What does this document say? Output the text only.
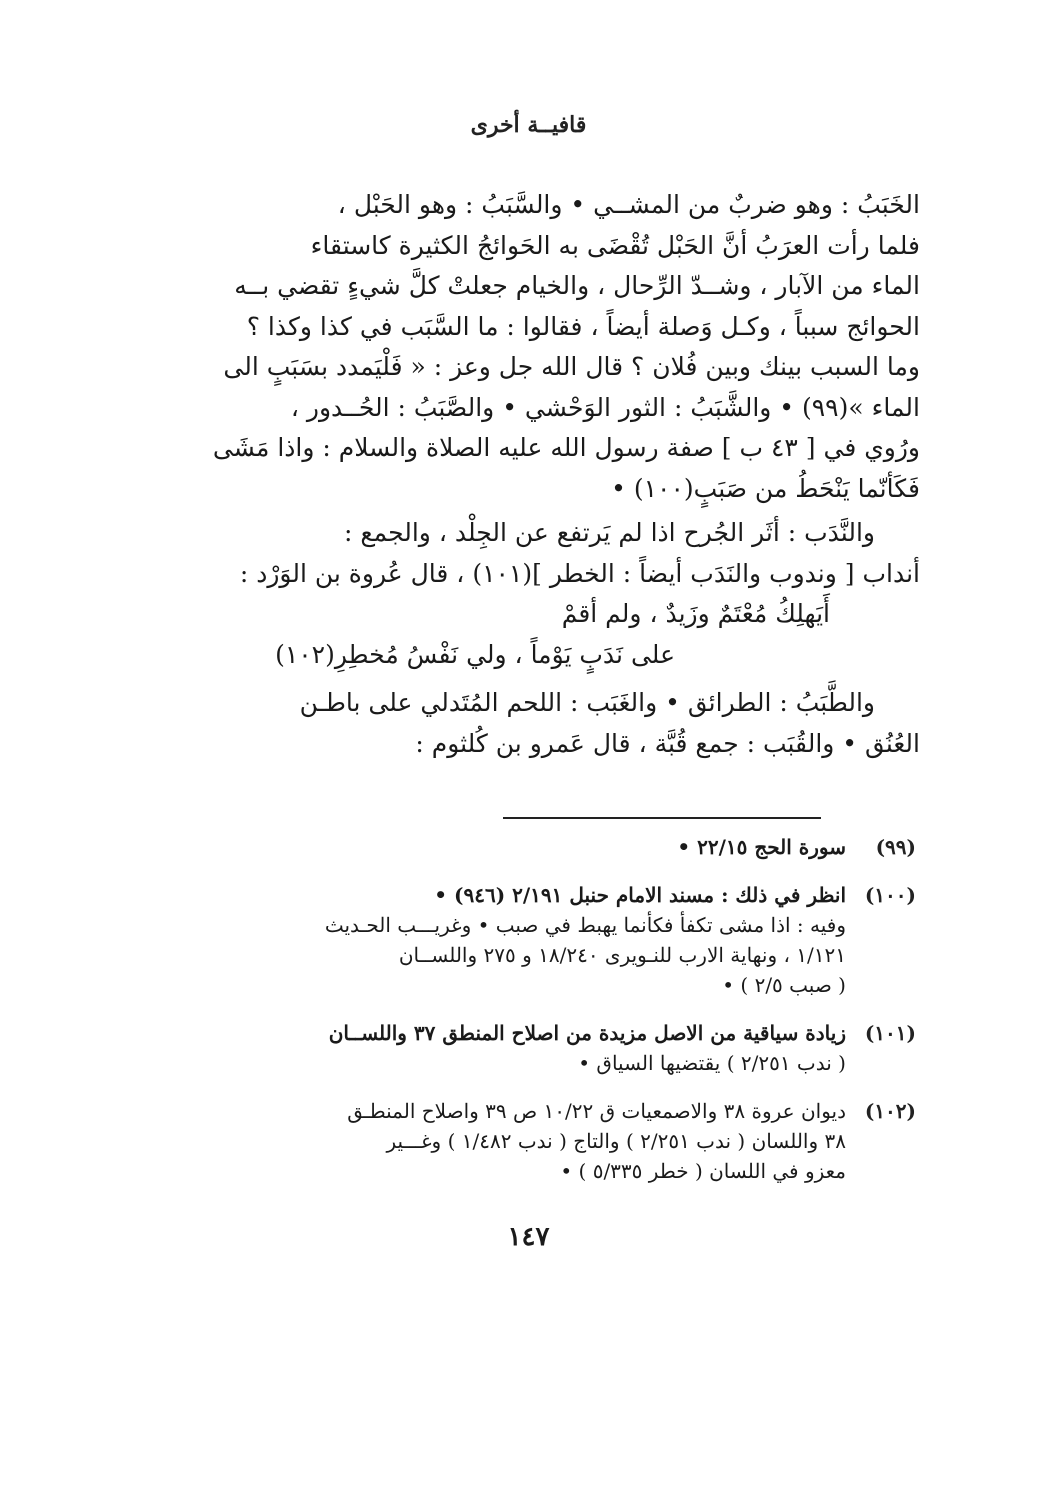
قافيــة أخرى

الخَبَبُ : وهو ضربٌ من المشــي • والسَّبَبُ : وهو الحَبْل ،

فلما رأت العرَبُ أنَّ الحَبْل تُقْضَى به الحَوائجُ الكثيرة كاستقاء

الماء من الآبار ، وشــدّ الرِّحال ، والخيام جعلتْ كلَّ شيءٍ تقضي بــه

الحوائج سبباً ، وكـل وَصلة أيضاً ، فقالوا : ما السَّبَب في كذا وكذا ؟

وما السبب بينك وبين فُلان ؟ قال الله جل وعز : « فَلْيَمدد بسَبَبٍ الى

الماء »(٩٩) • والشَّبَبُ : الثور الوَحْشي • والصَّبَبُ : الحُــدور ،

ورُوي في [ ٤٣ ب ] صفة رسول الله عليه الصلاة والسلام : واذا مَشَى

فَكَأنّما يَنْحَطُ من صَبَبٍ(١٠٠) •

والنَّدَب : أثَر الجُرح اذا لم يَرتفع عن الجِلْد ، والجمع :

أنداب [ وندوب والنَدَب أيضاً : الخطر ](١٠١) ، قال عُروة بن الوَرْد :

أَيَهلِكُ مُعْتَمٌ وزَيدٌ ، ولم أقمْ
على نَدَبٍ يَوْماً ، ولي نَفْسُ مُخطِرِ(١٠٢)

والطَّبَبُ : الطرائق • والغَبَب : اللحم المُتَدلي على باطـن

العُنُق • والقُبَب : جمع قُبَّة ، قال عَمرو بن كُلثوم :

(٩٩)
سورة الحج ٢٢/١٥ •
(١٠٠)
انظر في ذلك : مسند الامام حنبل ٢/١٩١ (٩٤٦) •
وفيه : اذا مشى تكفأ فكأنما يهبط في صبب • وغريـــب الحـديث
١/١٢١ ، ونهاية الارب للنـويرى ١٨/٢٤٠ و ٢٧٥ واللســان
( صبب ٢/٥ ) •
(١٠١)
زيادة سياقية من الاصل مزيدة من اصلاح المنطق ٣٧ واللســان
( ندب ٢/٢٥١ ) يقتضيها السياق •
(١٠٢)
ديوان عروة ٣٨ والاصمعيات ق ١٠/٢٢ ص ٣٩ واصلاح المنطـق
٣٨ واللسان ( ندب ٢/٢٥١ ) والتاج ( ندب ١/٤٨٢ ) وغـــير
معزو في اللسان ( خطر ٥/٣٣٥ ) •
١٤٧
